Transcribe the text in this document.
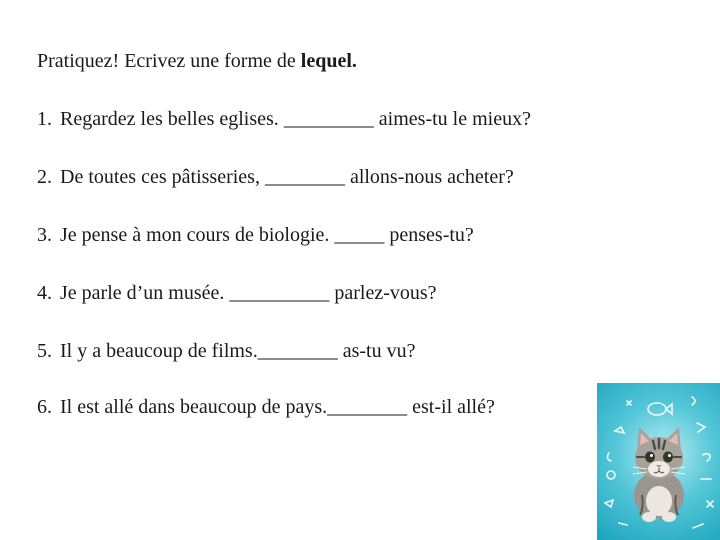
Pratiquez! Ecrivez une forme de lequel.
1. Regardez les belles eglises. _________ aimes-tu le mieux?
2. De toutes ces pâtisseries, ________ allons-nous acheter?
3. Je pense à mon cours de biologie. _____ penses-tu?
4. Je parle d’un musée. __________ parlez-vous?
5. Il y a beaucoup de films.________ as-tu vu?
6. Il est allé dans beaucoup de pays.________ est-il allé?
